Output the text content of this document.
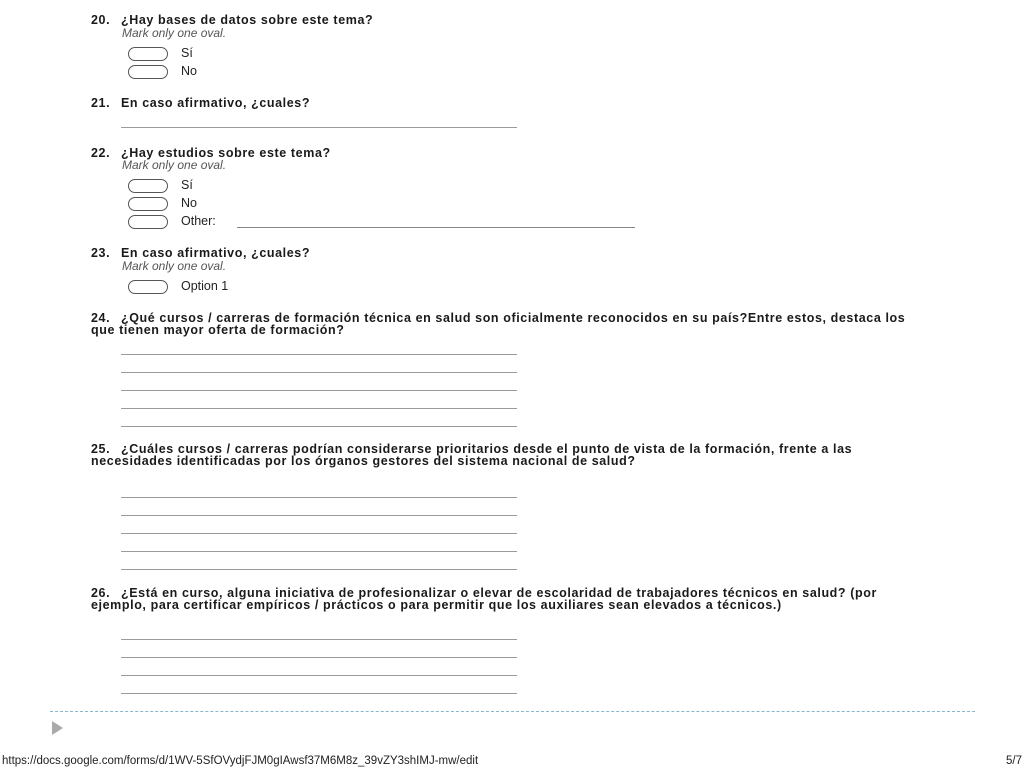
20. ¿Hay bases de datos sobre este tema?
Mark only one oval.
Sí
No
21. En caso afirmativo, ¿cuales?
22. ¿Hay estudios sobre este tema?
Mark only one oval.
Sí
No
Other:
23. En caso afirmativo, ¿cuales?
Mark only one oval.
Option 1
24. ¿Qué cursos / carreras de formación técnica en salud son oficialmente reconocidos en su país?Entre estos, destaca los que tienen mayor oferta de formación?
25. ¿Cuáles cursos / carreras podrían considerarse prioritarios desde el punto de vista de la formación, frente a las necesidades identificadas por los órganos gestores del sistema nacional de salud?
26. ¿Está en curso, alguna iniciativa de profesionalizar o elevar de escolaridad de trabajadores técnicos en salud? (por ejemplo, para certificar empíricos / prácticos o para permitir que los auxiliares sean elevados a técnicos.)
https://docs.google.com/forms/d/1WV-5SfOVydjFJM0gIAwsf37M6M8z_39vZY3shIMJ-mw/edit	5/7
